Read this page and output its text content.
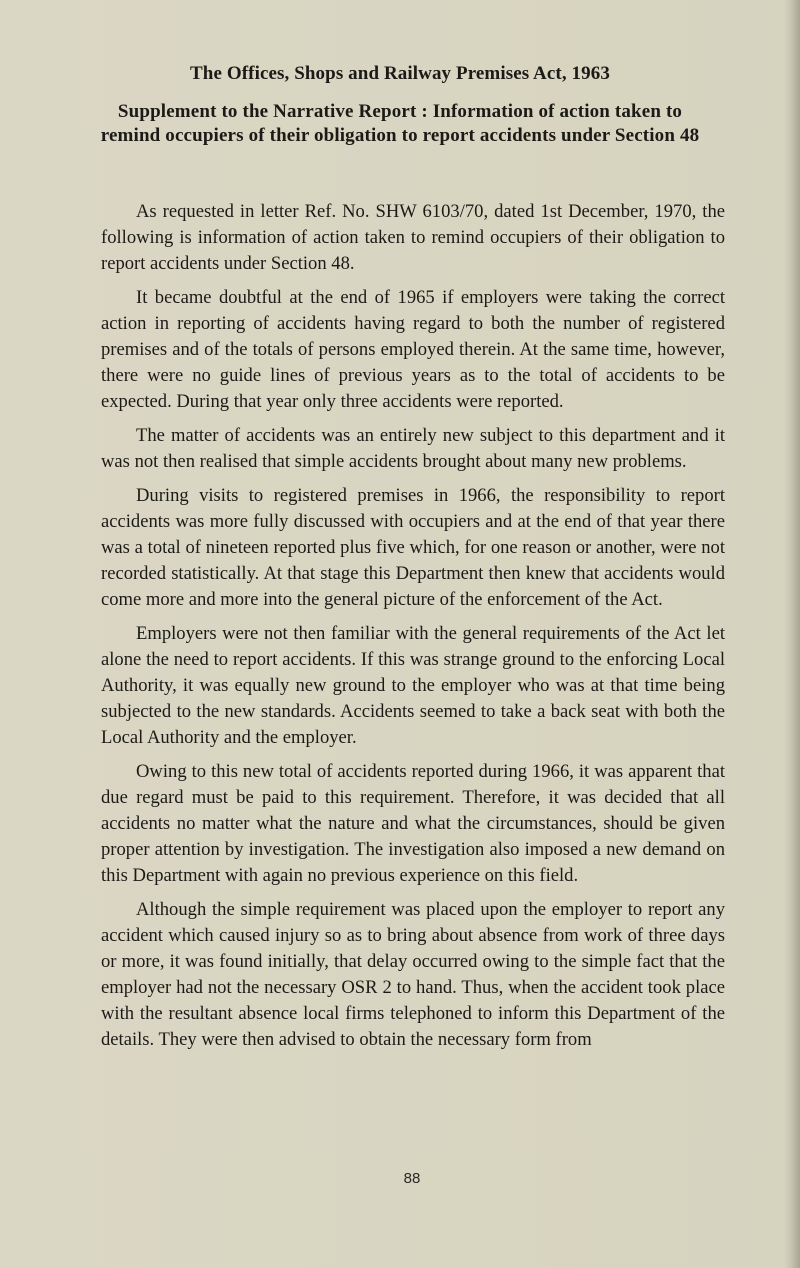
The Offices, Shops and Railway Premises Act, 1963
Supplement to the Narrative Report : Information of action taken to remind occupiers of their obligation to report accidents under Section 48

As requested in letter Ref. No. SHW 6103/70, dated 1st December, 1970, the following is information of action taken to remind occupiers of their obligation to report accidents under Section 48.

It became doubtful at the end of 1965 if employers were taking the correct action in reporting of accidents having regard to both the number of registered premises and of the totals of persons employed therein. At the same time, however, there were no guide lines of previous years as to the total of accidents to be expected. During that year only three accidents were reported.

The matter of accidents was an entirely new subject to this department and it was not then realised that simple accidents brought about many new problems.

During visits to registered premises in 1966, the responsibility to report accidents was more fully discussed with occupiers and at the end of that year there was a total of nineteen reported plus five which, for one reason or another, were not recorded statistically. At that stage this Department then knew that accidents would come more and more into the general picture of the enforcement of the Act.

Employers were not then familiar with the general requirements of the Act let alone the need to report accidents. If this was strange ground to the enforcing Local Authority, it was equally new ground to the employer who was at that time being subjected to the new standards. Accidents seemed to take a back seat with both the Local Authority and the employer.

Owing to this new total of accidents reported during 1966, it was apparent that due regard must be paid to this requirement. Therefore, it was decided that all accidents no matter what the nature and what the circumstances, should be given proper attention by investigation. The investigation also imposed a new demand on this Department with again no previous experience on this field.

Although the simple requirement was placed upon the employer to report any accident which caused injury so as to bring about absence from work of three days or more, it was found initially, that delay occurred owing to the simple fact that the employer had not the necessary OSR 2 to hand. Thus, when the accident took place with the resultant absence local firms telephoned to inform this Department of the details. They were then advised to obtain the necessary form from

88
